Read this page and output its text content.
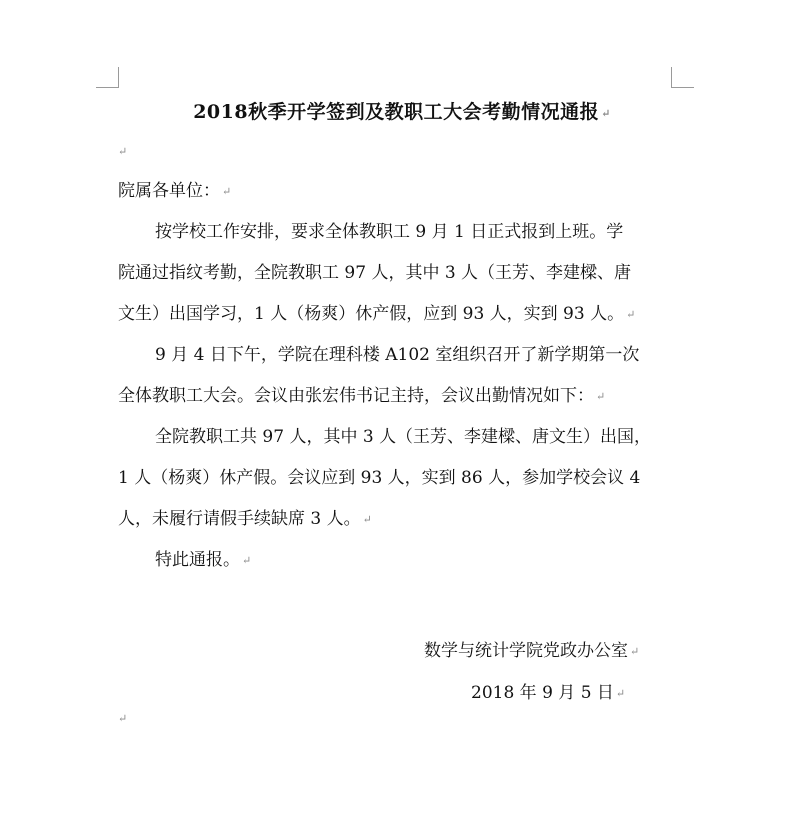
2018秋季开学签到及教职工大会考勤情况通报 ↵

↵

院属各单位： ↵

按学校工作安排，要求全体教职工 9 月 1 日正式报到上班。学

院通过指纹考勤，全院教职工 97 人，其中 3 人（王芳、李建樑、唐

文生）出国学习，1 人（杨爽）休产假，应到 93 人，实到 93 人。 ↵

9 月 4 日下午，学院在理科楼 A102 室组织召开了新学期第一次

全体教职工大会。会议由张宏伟书记主持，会议出勤情况如下： ↵

全院教职工共 97 人，其中 3 人（王芳、李建樑、唐文生）出国，

1 人（杨爽）休产假。会议应到 93 人，实到 86 人，参加学校会议 4

人，未履行请假手续缺席 3 人。 ↵

特此通报。 ↵

数学与统计学院党政办公室 ↵
2018 年 9 月 5 日 ↵
↵
